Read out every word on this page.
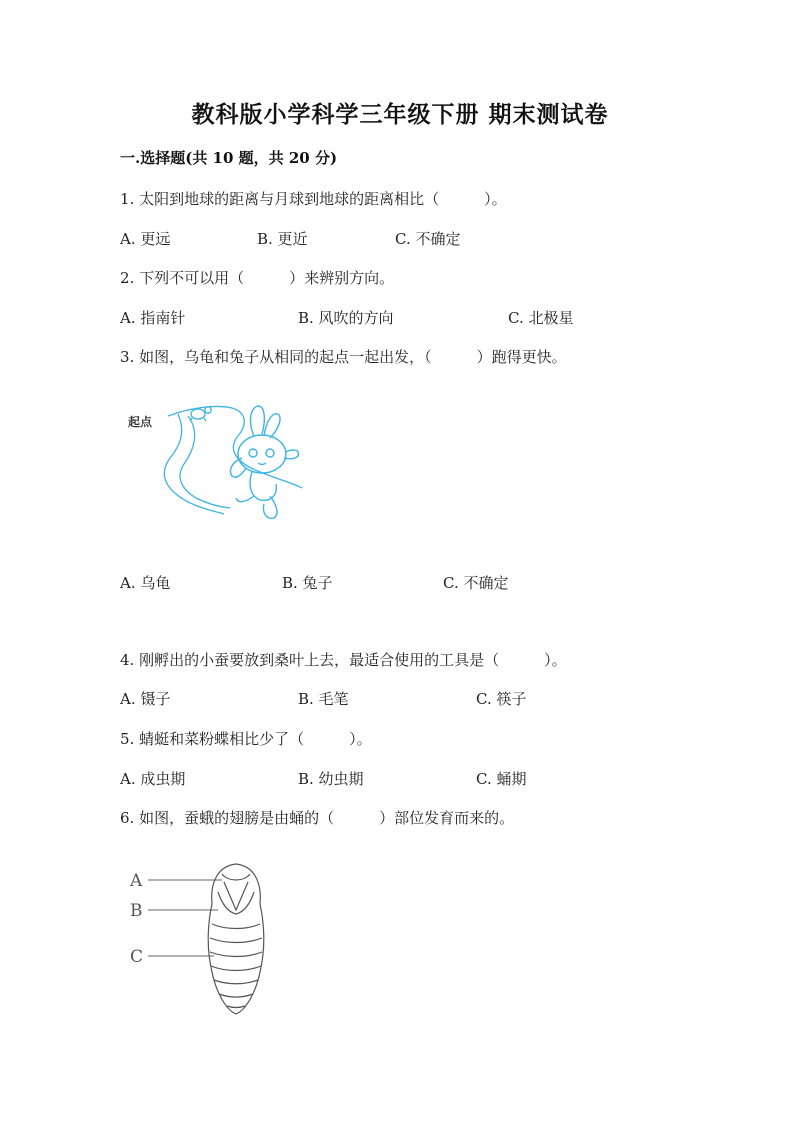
教科版小学科学三年级下册 期末测试卷
一.选择题(共 10 题，共 20 分)
1. 太阳到地球的距离与月球到地球的距离相比（　　　）。
A. 更远	B. 更近	C. 不确定
2. 下列不可以用（　　　）来辨别方向。
A. 指南针	B. 风吹的方向	C. 北极星
3. 如图，乌龟和兔子从相同的起点一起出发，（　　　）跑得更快。
起点
A. 乌龟	B. 兔子	C. 不确定
4. 刚孵出的小蚕要放到桑叶上去，最适合使用的工具是（　　　）。
A. 镊子	B. 毛笔	C. 筷子
5. 蜻蜓和菜粉蝶相比少了（　　　）。
A. 成虫期	B. 幼虫期	C. 蛹期
6. 如图，蚕蛾的翅膀是由蛹的（　　　）部位发育而来的。
A
B
C
